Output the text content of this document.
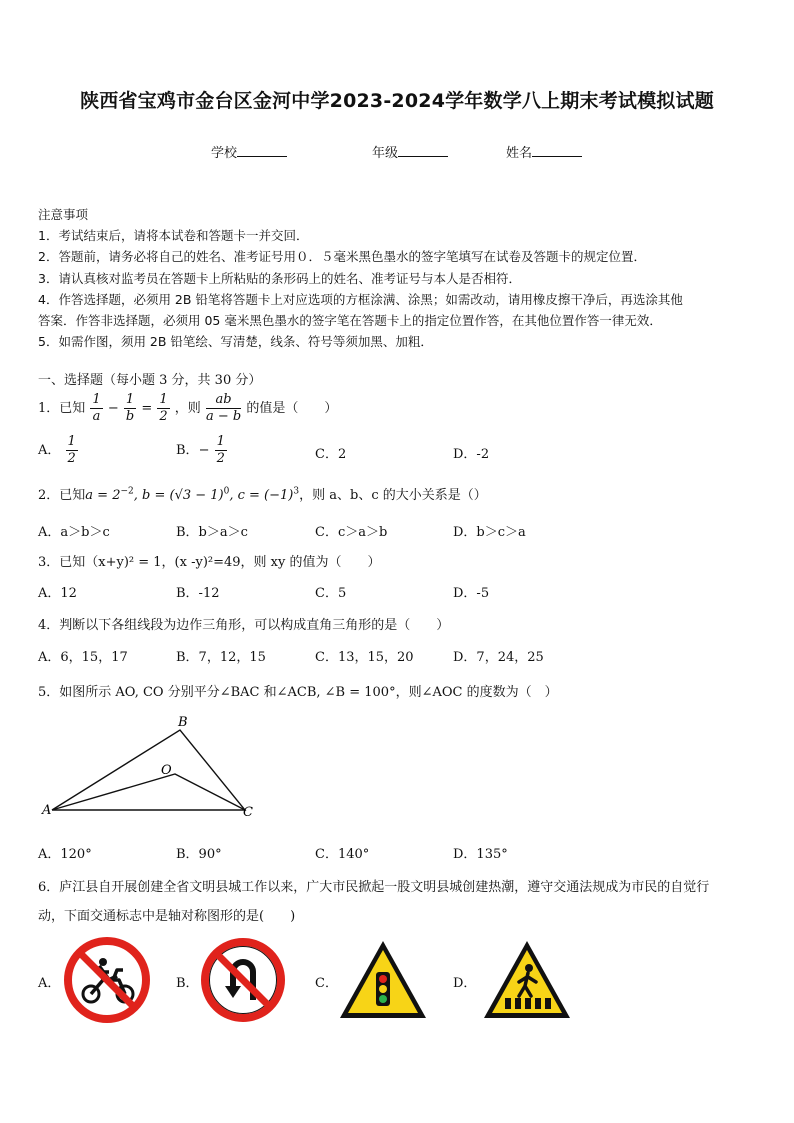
陕西省宝鸡市金台区金河中学2023-2024学年数学八上期末考试模拟试题
学校	年级	姓名
注意事项
1．考试结束后，请将本试卷和答题卡一并交回．
2．答题前，请务必将自己的姓名、准考证号用０．５毫米黑色墨水的签字笔填写在试卷及答题卡的规定位置．
3．请认真核对监考员在答题卡上所粘贴的条形码上的姓名、准考证号与本人是否相符．
4．作答选择题，必须用 2B 铅笔将答题卡上对应选项的方框涂满、涂黑；如需改动，请用橡皮擦干净后，再选涂其他
答案．作答非选择题，必须用 05 毫米黑色墨水的签字笔在答题卡上的指定位置作答，在其他位置作答一律无效．
5．如需作图，须用 2B 铅笔绘、写清楚，线条、符号等须加黑、加粗．
一、选择题（每小题 3 分，共 30 分）
1．已知 $\frac{1}{a} - \frac{1}{b} = \frac{1}{2}$ ，则 $\frac{ab}{a - b}$ 的值是（　　）
A． $\frac{1}{2}$	B．− $\frac{1}{2}$	C．2	D．-2
2．已知$a = 2^{-2}$, $b = (√3 - 1)^0$, $c = (-1)^3$，则 a、b、c 的大小关系是（）
A．a＞b＞c	B．b＞a＞c	C．c＞a＞b	D．b＞c＞a
3．已知（x+y)² = 1，(x -y)²=49，则 xy 的值为（　　）
A．12	B．-12	C．5	D．-5
4．判断以下各组线段为边作三角形，可以构成直角三角形的是（　　）
A．6，15，17	B．7，12，15	C．13，15，20	D．7，24，25
5．如图所示 AO, CO 分别平分∠BAC 和∠ACB, ∠B = 100°，则∠AOC 的度数为（　）
B
O
A	C
A．120°	B．90°	C．140°	D．135°
6．庐江县自开展创建全省文明县城工作以来，广大市民掀起一股文明县城创建热潮，遵守交通法规成为市民的自觉行
动，下面交通标志中是轴对称图形的是(　　)
A．	B．	C．	D．
